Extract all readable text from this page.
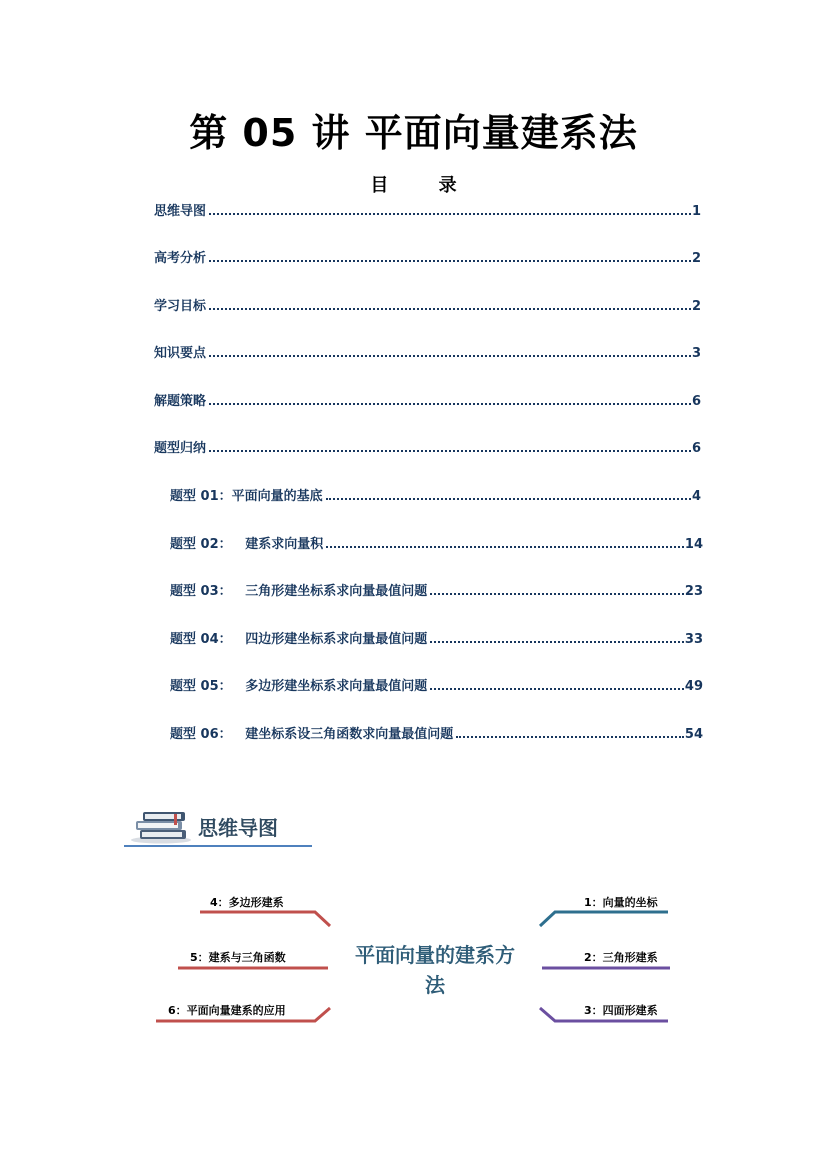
第 05 讲 平面向量建系法
目 录
思维导图	1
高考分析	2
学习目标	2
知识要点	3
解题策略	6
题型归纳	6
题型 01：平面向量的基底	4
题型 02：   建系求向量积	14
题型 03：   三角形建坐标系求向量最值问题	23
题型 04：   四边形建坐标系求向量最值问题	33
题型 05：   多边形建坐标系求向量最值问题	49
题型 06：   建坐标系设三角函数求向量最值问题	54
思维导图
4：多边形建系
5：建系与三角函数
6：平面向量建系的应用
平面向量的建系方
法
1：向量的坐标
2：三角形建系
3：四面形建系
